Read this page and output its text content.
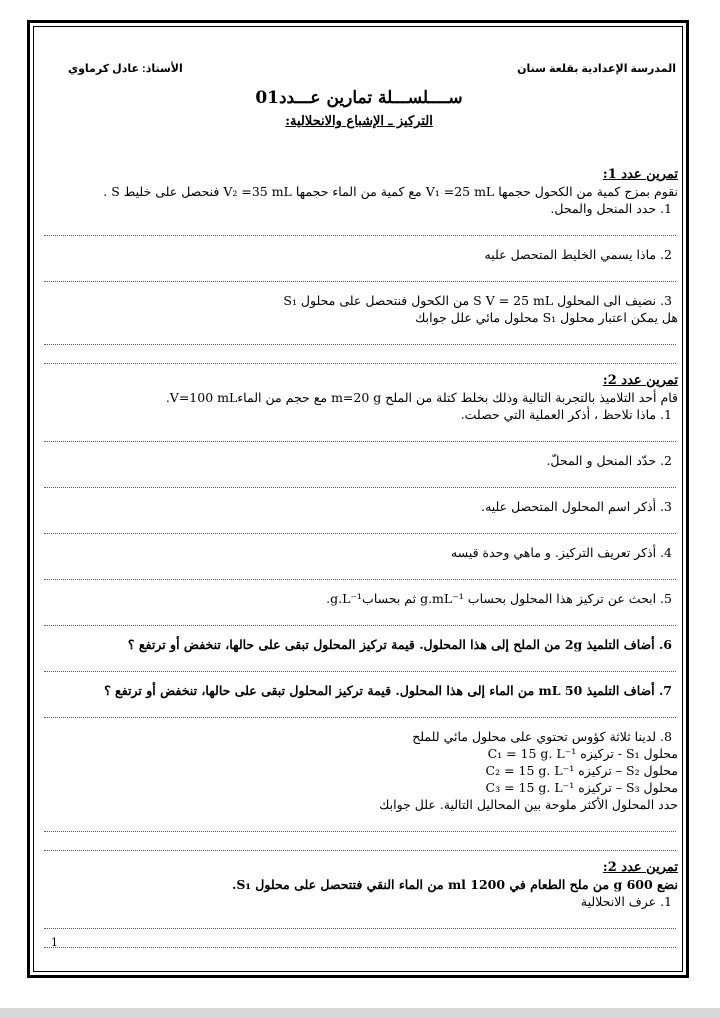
المدرسة الإعدادية بقلعة سنان
الأستاذ: عادل كرماوي
ســــلســـلة تمارين عـــدد01
التركيز ـ الإشباع والانحلالية:
تمرين عدد 1:
نقوم بمزج كمية من الكحول حجمها V₁ =25 mL مع كمية من الماء حجمها V₂ =35 mL فنحصل على خليط S .
1. حدد المنحل والمحل.
2. ماذا يسمي الخليط المتحصل عليه
3. نضيف الى المحلول S V = 25 mL من الكحول فنتحصل على محلول S₁
هل يمكن اعتبار محلول S₁ محلول مائي علل جوابك
تمرين عدد 2:
قام أحد التلاميذ بالتجربة التالية وذلك بخلط كتلة من الملح m=20 g مع حجم من الماءV=100 mL.
1. ماذا تلاحظ ، أذكر العملية التي حصلت.
2. حدّد المنحل و المحلّ.
3. أذكر اسم المحلول المتحصل عليه.
4. أذكر تعريف التركيز. و ماهي وحدة قيسه
5. ابحث عن تركيز هذا المحلول بحساب g.mL⁻¹ ثم بحسابg.L⁻¹.
6. أضاف التلميذ 2g من الملح إلى هذا المحلول. قيمة تركيز المحلول تبقى على حالها، تنخفض أو ترتفع ؟
7. أضاف التلميذ 50 mL من الماء إلى هذا المحلول. قيمة تركيز المحلول تبقى على حالها، تنخفض أو ترتفع ؟
8. لدينا ثلاثة كؤوس تحتوي على محلول مائي للملح
محلول S₁ - تركيزه C₁ = 15 g. L⁻¹
محلول S₂ – تركيزه C₂ = 15 g. L⁻¹
محلول S₃ – تركيزه C₃ = 15 g. L⁻¹
حدد المحلول الأكثر ملوحة بين المحاليل التالية. علل جوابك
تمرين عدد 2:
نضع 600 g من ملح الطعام في 1200 ml من الماء النقي فتتحصل على محلول S₁.
1. عرف الانحلالية
1
